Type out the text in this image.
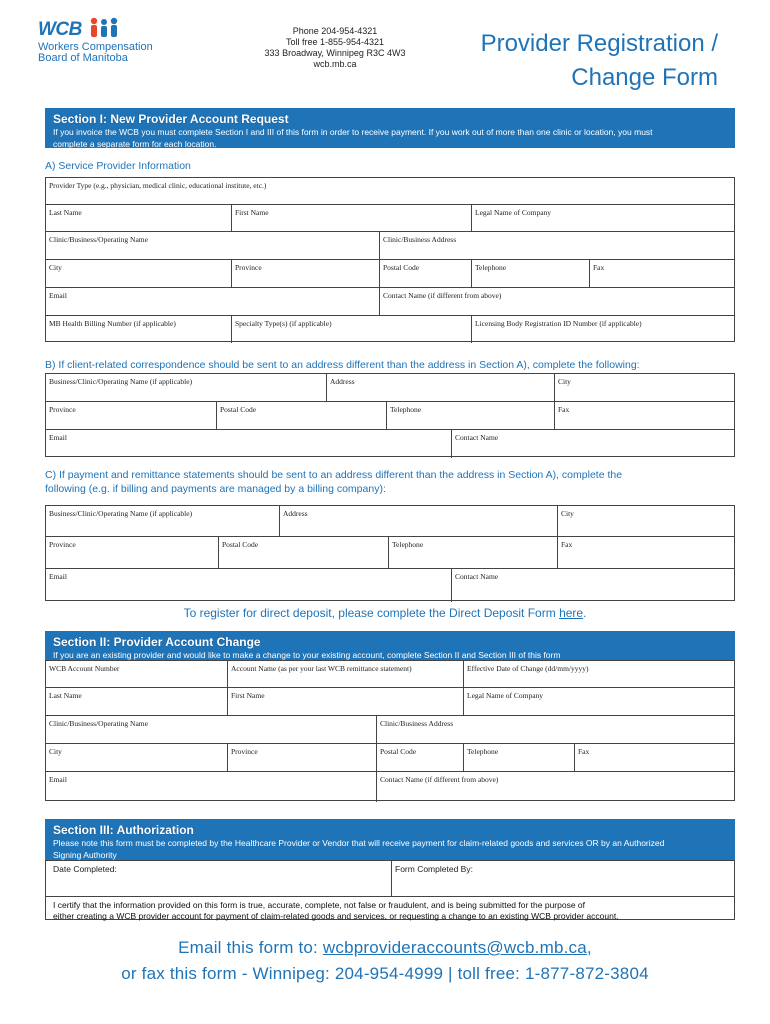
WCB
Workers Compensation
Board of Manitoba
Phone 204-954-4321
Toll free 1-855-954-4321
333 Broadway, Winnipeg R3C 4W3
wcb.mb.ca
Provider Registration /
Change Form
Section I: New Provider Account Request
If you invoice the WCB you must complete Section I and III of this form in order to receive payment. If you work out of more than one clinic or location, you must
complete a separate form for each location.
A) Service Provider Information
Provider Type (e.g., physician, medical clinic, educational institute, etc.)
Last Name	First Name	Legal Name of Company
Clinic/Business/Operating Name	Clinic/Business Address
City	Province	Postal Code	Telephone	Fax
Email	Contact Name (if different from above)
MB Health Billing Number (if applicable)	Specialty Type(s) (if applicable)	Licensing Body Registration ID Number (if applicable)
B) If client-related correspondence should be sent to an address different than the address in Section A), complete the following:
Business/Clinic/Operating Name (if applicable)	Address	City
Province	Postal Code	Telephone	Fax
Email	Contact Name
C) If payment and remittance statements should be sent to an address different than the address in Section A), complete the
following (e.g. if billing and payments are managed by a billing company):
Business/Clinic/Operating Name (if applicable)	Address	City
Province	Postal Code	Telephone	Fax
Email	Contact Name
To register for direct deposit, please complete the Direct Deposit Form here.
Section II: Provider Account Change
If you are an existing provider and would like to make a change to your existing account, complete Section II and Section III of this form
WCB Account Number	Account Name (as per your last WCB remittance statement)	Effective Date of Change (dd/mm/yyyy)
Last Name	First Name	Legal Name of Company
Clinic/Business/Operating Name	Clinic/Business Address
City	Province	Postal Code	Telephone	Fax
Email	Contact Name (if different from above)
Section III: Authorization
Please note this form must be completed by the Healthcare Provider or Vendor that will receive payment for claim-related goods and services OR by an Authorized
Signing Authority
Date Completed:	Form Completed By:
I certify that the information provided on this form is true, accurate, complete, not false or fraudulent, and is being submitted for the purpose of
either creating a WCB provider account for payment of claim-related goods and services, or requesting a change to an existing WCB provider account.
Email this form to: wcbprovideraccounts@wcb.mb.ca,
or fax this form - Winnipeg: 204-954-4999 | toll free: 1-877-872-3804
